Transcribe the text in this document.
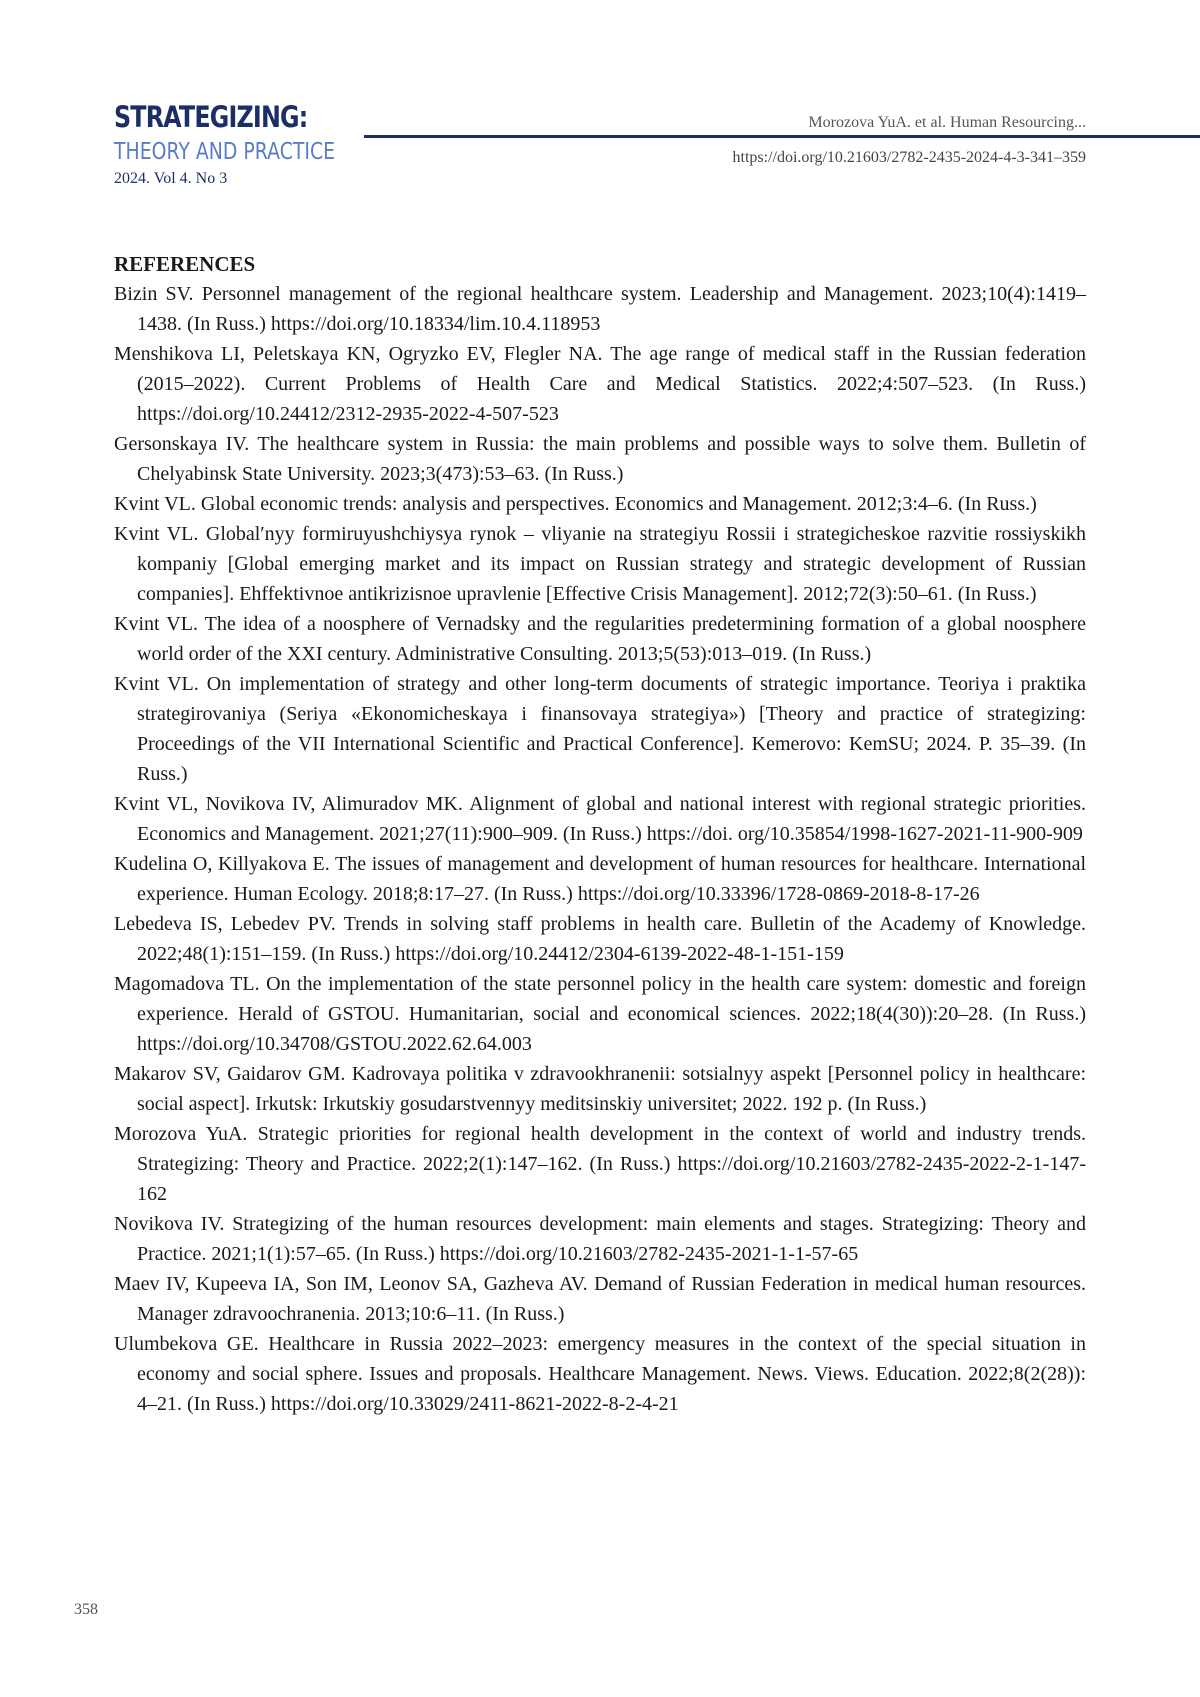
STRATEGIZING:
THEORY AND PRACTICE
2024. Vol 4. No 3
Morozova YuA. et al. Human Resourcing...
https://doi.org/10.21603/2782-2435-2024-4-3-341–359
REFERENCES
Bizin SV. Personnel management of the regional healthcare system. Leadership and Management. 2023;10(4):1419–1438. (In Russ.) https://doi.org/10.18334/lim.10.4.118953
Menshikova LI, Peletskaya KN, Ogryzko EV, Flegler NA. The age range of medical staff in the Russian federation (2015–2022). Current Problems of Health Care and Medical Statistics. 2022;4:507–523. (In Russ.) https://doi.org/10.24412/2312-2935-2022-4-507-523
Gersonskaya IV. The healthcare system in Russia: the main problems and possible ways to solve them. Bulletin of Chelyabinsk State University. 2023;3(473):53–63. (In Russ.)
Kvint VL. Global economic trends: analysis and perspectives. Economics and Management. 2012;3:4–6. (In Russ.)
Kvint VL. Global′nyy formiruyushchiysya rynok – vliyanie na strategiyu Rossii i strategicheskoe razvitie rossiyskikh kompaniy [Global emerging market and its impact on Russian strategy and strategic development of Russian companies]. Ehffektivnoe antikrizisnoe upravlenie [Effective Crisis Management]. 2012;72(3):50–61. (In Russ.)
Kvint VL. The idea of a noosphere of Vernadsky and the regularities predetermining formation of a global noosphere world order of the XXI century. Administrative Consulting. 2013;5(53):013–019. (In Russ.)
Kvint VL. On implementation of strategy and other long-term documents of strategic importance. Teoriya i praktika strategirovaniya (Seriya «Ekonomicheskaya i finansovaya strategiya») [Theory and practice of strategizing: Proceedings of the VII International Scientific and Practical Conference]. Kemerovo: KemSU; 2024. P. 35–39. (In Russ.)
Kvint VL, Novikova IV, Alimuradov MK. Alignment of global and national interest with regional strategic priorities. Economics and Management. 2021;27(11):900–909. (In Russ.) https://doi. org/10.35854/1998-1627-2021-11-900-909
Kudelina O, Killyakova E. The issues of management and development of human resources for healthcare. International experience. Human Ecology. 2018;8:17–27. (In Russ.) https://doi.org/10.33396/1728-0869-2018-8-17-26
Lebedeva IS, Lebedev PV. Trends in solving staff problems in health care. Bulletin of the Academy of Knowledge. 2022;48(1):151–159. (In Russ.) https://doi.org/10.24412/2304-6139-2022-48-1-151-159
Magomadova TL. On the implementation of the state personnel policy in the health care system: domestic and foreign experience. Herald of GSTOU. Humanitarian, social and economical sciences. 2022;18(4(30)):20–28. (In Russ.) https://doi.org/10.34708/GSTOU.2022.62.64.003
Makarov SV, Gaidarov GM. Kadrovaya politika v zdravookhranenii: sotsialnyy aspekt [Personnel policy in healthcare: social aspect]. Irkutsk: Irkutskiy gosudarstvennyy meditsinskiy universitet; 2022. 192 p. (In Russ.)
Morozova YuA. Strategic priorities for regional health development in the context of world and industry trends. Strategizing: Theory and Practice. 2022;2(1):147–162. (In Russ.) https://doi.org/10.21603/2782-2435-2022-2-1-147-162
Novikova IV. Strategizing of the human resources development: main elements and stages. Strategizing: Theory and Practice. 2021;1(1):57–65. (In Russ.) https://doi.org/10.21603/2782-2435-2021-1-1-57-65
Maev IV, Kupeeva IA, Son IM, Leonov SA, Gazheva AV. Demand of Russian Federation in medical human resources. Manager zdravoochranenia. 2013;10:6–11. (In Russ.)
Ulumbekova GE. Healthcare in Russia 2022–2023: emergency measures in the context of the special situation in economy and social sphere. Issues and proposals. Healthcare Management. News. Views. Education. 2022;8(2(28)): 4–21. (In Russ.) https://doi.org/10.33029/2411-8621-2022-8-2-4-21
358
